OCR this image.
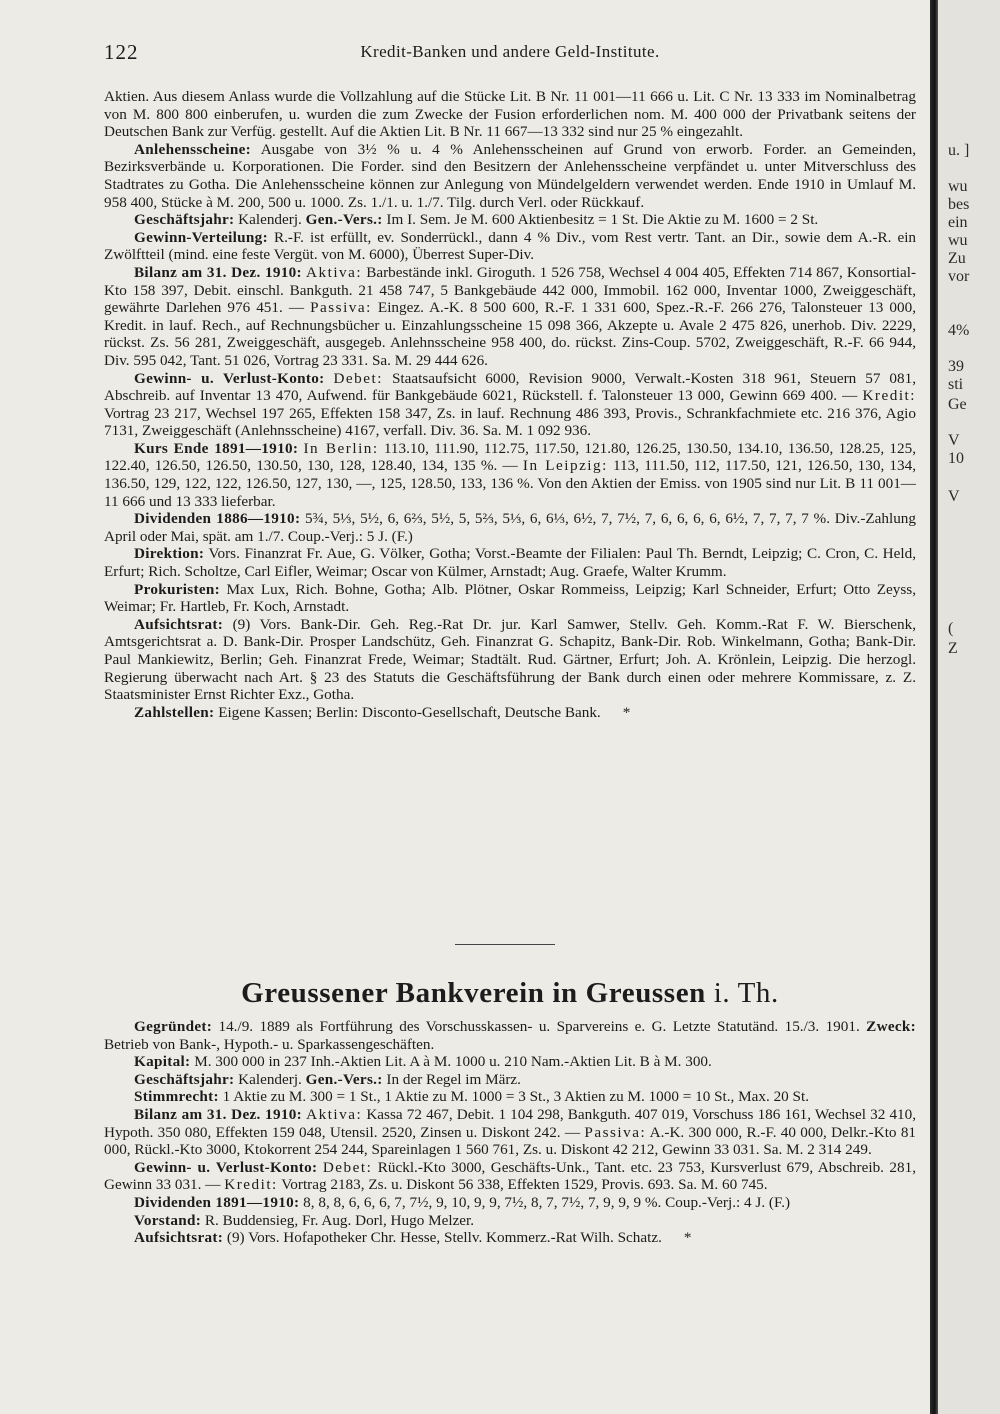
122	Kredit-Banken und andere Geld-Institute.

Aktien. Aus diesem Anlass wurde die Vollzahlung auf die Stücke Lit. B Nr. 11 001—11 666 u. Lit. C Nr. 13 333 im Nominalbetrag von M. 800 800 einberufen, u. wurden die zum Zwecke der Fusion erforderlichen nom. M. 400 000 der Privatbank seitens der Deutschen Bank zur Verfüg. gestellt. Auf die Aktien Lit. B Nr. 11 667—13 332 sind nur 25 % eingezahlt.

Anlehensscheine: Ausgabe von 3½ % u. 4 % Anlehensscheinen auf Grund von erworb. Forder. an Gemeinden, Bezirksverbände u. Korporationen. Die Forder. sind den Besitzern der Anlehensscheine verpfändet u. unter Mitverschluss des Stadtrates zu Gotha. Die Anlehensscheine können zur Anlegung von Mündelgeldern verwendet werden. Ende 1910 in Umlauf M. 958 400, Stücke à M. 200, 500 u. 1000. Zs. 1./1. u. 1./7. Tilg. durch Verl. oder Rückkauf.

Geschäftsjahr: Kalenderj. Gen.-Vers.: Im I. Sem. Je M. 600 Aktienbesitz = 1 St. Die Aktie zu M. 1600 = 2 St.

Gewinn-Verteilung: R.-F. ist erfüllt, ev. Sonderrückl., dann 4 % Div., vom Rest vertr. Tant. an Dir., sowie dem A.-R. ein Zwölftteil (mind. eine feste Vergüt. von M. 6000), Überrest Super-Div.

Bilanz am 31. Dez. 1910: Aktiva: Barbestände inkl. Giroguth. 1 526 758, Wechsel 4 004 405, Effekten 714 867, Konsortial-Kto 158 397, Debit. einschl. Bankguth. 21 458 747, 5 Bankgebäude 442 000, Immobil. 162 000, Inventar 1000, Zweiggeschäft, gewährte Darlehen 976 451. — Passiva: Eingez. A.-K. 8 500 600, R.-F. 1 331 600, Spez.-R.-F. 266 276, Talonsteuer 13 000, Kredit. in lauf. Rech., auf Rechnungsbücher u. Einzahlungsscheine 15 098 366, Akzepte u. Avale 2 475 826, unerhob. Div. 2229, rückst. Zs. 56 281, Zweiggeschäft, ausgegeb. Anlehnsscheine 958 400, do. rückst. Zins-Coup. 5702, Zweiggeschäft, R.-F. 66 944, Div. 595 042, Tant. 51 026, Vortrag 23 331. Sa. M. 29 444 626.

Gewinn- u. Verlust-Konto: Debet: Staatsaufsicht 6000, Revision 9000, Verwalt.-Kosten 318 961, Steuern 57 081, Abschreib. auf Inventar 13 470, Aufwend. für Bankgebäude 6021, Rückstell. f. Talonsteuer 13 000, Gewinn 669 400. — Kredit: Vortrag 23 217, Wechsel 197 265, Effekten 158 347, Zs. in lauf. Rechnung 486 393, Provis., Schrankfachmiete etc. 216 376, Agio 7131, Zweiggeschäft (Anlehnsscheine) 4167, verfall. Div. 36. Sa. M. 1 092 936.

Kurs Ende 1891—1910: In Berlin: 113.10, 111.90, 112.75, 117.50, 121.80, 126.25, 130.50, 134.10, 136.50, 128.25, 125, 122.40, 126.50, 126.50, 130.50, 130, 128, 128.40, 134, 135 %. — In Leipzig: 113, 111.50, 112, 117.50, 121, 126.50, 130, 134, 136.50, 129, 122, 122, 126.50, 127, 130, —, 125, 128.50, 133, 136 %. Von den Aktien der Emiss. von 1905 sind nur Lit. B 11 001—11 666 und 13 333 lieferbar.

Dividenden 1886—1910: 5¾, 5⅓, 5½, 6, 6⅔, 5½, 5, 5⅔, 5⅓, 6, 6⅓, 6½, 7, 7½, 7, 6, 6, 6, 6, 6½, 7, 7, 7, 7 %. Div.-Zahlung April oder Mai, spät. am 1./7. Coup.-Verj.: 5 J. (F.)

Direktion: Vors. Finanzrat Fr. Aue, G. Völker, Gotha; Vorst.-Beamte der Filialen: Paul Th. Berndt, Leipzig; C. Cron, C. Held, Erfurt; Rich. Scholtze, Carl Eifler, Weimar; Oscar von Külmer, Arnstadt; Aug. Graefe, Walter Krumm.

Prokuristen: Max Lux, Rich. Bohne, Gotha; Alb. Plötner, Oskar Rommeiss, Leipzig; Karl Schneider, Erfurt; Otto Zeyss, Weimar; Fr. Hartleb, Fr. Koch, Arnstadt.

Aufsichtsrat: (9) Vors. Bank-Dir. Geh. Reg.-Rat Dr. jur. Karl Samwer, Stellv. Geh. Komm.-Rat F. W. Bierschenk, Amtsgerichtsrat a. D. Bank-Dir. Prosper Landschütz, Geh. Finanzrat G. Schapitz, Bank-Dir. Rob. Winkelmann, Gotha; Bank-Dir. Paul Mankiewitz, Berlin; Geh. Finanzrat Frede, Weimar; Stadtält. Rud. Gärtner, Erfurt; Joh. A. Krönlein, Leipzig. Die herzogl. Regierung überwacht nach Art. § 23 des Statuts die Geschäftsführung der Bank durch einen oder mehrere Kommissare, z. Z. Staatsminister Ernst Richter Exz., Gotha.

Zahlstellen: Eigene Kassen; Berlin: Disconto-Gesellschaft, Deutsche Bank. *

Greussener Bankverein in Greussen i. Th.

Gegründet: 14./9. 1889 als Fortführung des Vorschusskassen- u. Sparvereins e. G. Letzte Statutänd. 15./3. 1901. Zweck: Betrieb von Bank-, Hypoth.- u. Sparkassengeschäften.

Kapital: M. 300 000 in 237 Inh.-Aktien Lit. A à M. 1000 u. 210 Nam.-Aktien Lit. B à M. 300.

Geschäftsjahr: Kalenderj. Gen.-Vers.: In der Regel im März.

Stimmrecht: 1 Aktie zu M. 300 = 1 St., 1 Aktie zu M. 1000 = 3 St., 3 Aktien zu M. 1000 = 10 St., Max. 20 St.

Bilanz am 31. Dez. 1910: Aktiva: Kassa 72 467, Debit. 1 104 298, Bankguth. 407 019, Vorschuss 186 161, Wechsel 32 410, Hypoth. 350 080, Effekten 159 048, Utensil. 2520, Zinsen u. Diskont 242. — Passiva: A.-K. 300 000, R.-F. 40 000, Delkr.-Kto 81 000, Rückl.-Kto 3000, Ktokorrent 254 244, Spareinlagen 1 560 761, Zs. u. Diskont 42 212, Gewinn 33 031. Sa. M. 2 314 249.

Gewinn- u. Verlust-Konto: Debet: Rückl.-Kto 3000, Geschäfts-Unk., Tant. etc. 23 753, Kursverlust 679, Abschreib. 281, Gewinn 33 031. — Kredit: Vortrag 2183, Zs. u. Diskont 56 338, Effekten 1529, Provis. 693. Sa. M. 60 745.

Dividenden 1891—1910: 8, 8, 8, 6, 6, 6, 7, 7½, 9, 10, 9, 9, 7½, 8, 7, 7½, 7, 9, 9, 9 %. Coup.-Verj.: 4 J. (F.)

Vorstand: R. Buddensieg, Fr. Aug. Dorl, Hugo Melzer.

Aufsichtsrat: (9) Vors. Hofapotheker Chr. Hesse, Stellv. Kommerz.-Rat Wilh. Schatz. *

u. ]
wu
bes
ein
wu
Zu
vor
4%
39
sti
Ge
V
10
V
(
Z
